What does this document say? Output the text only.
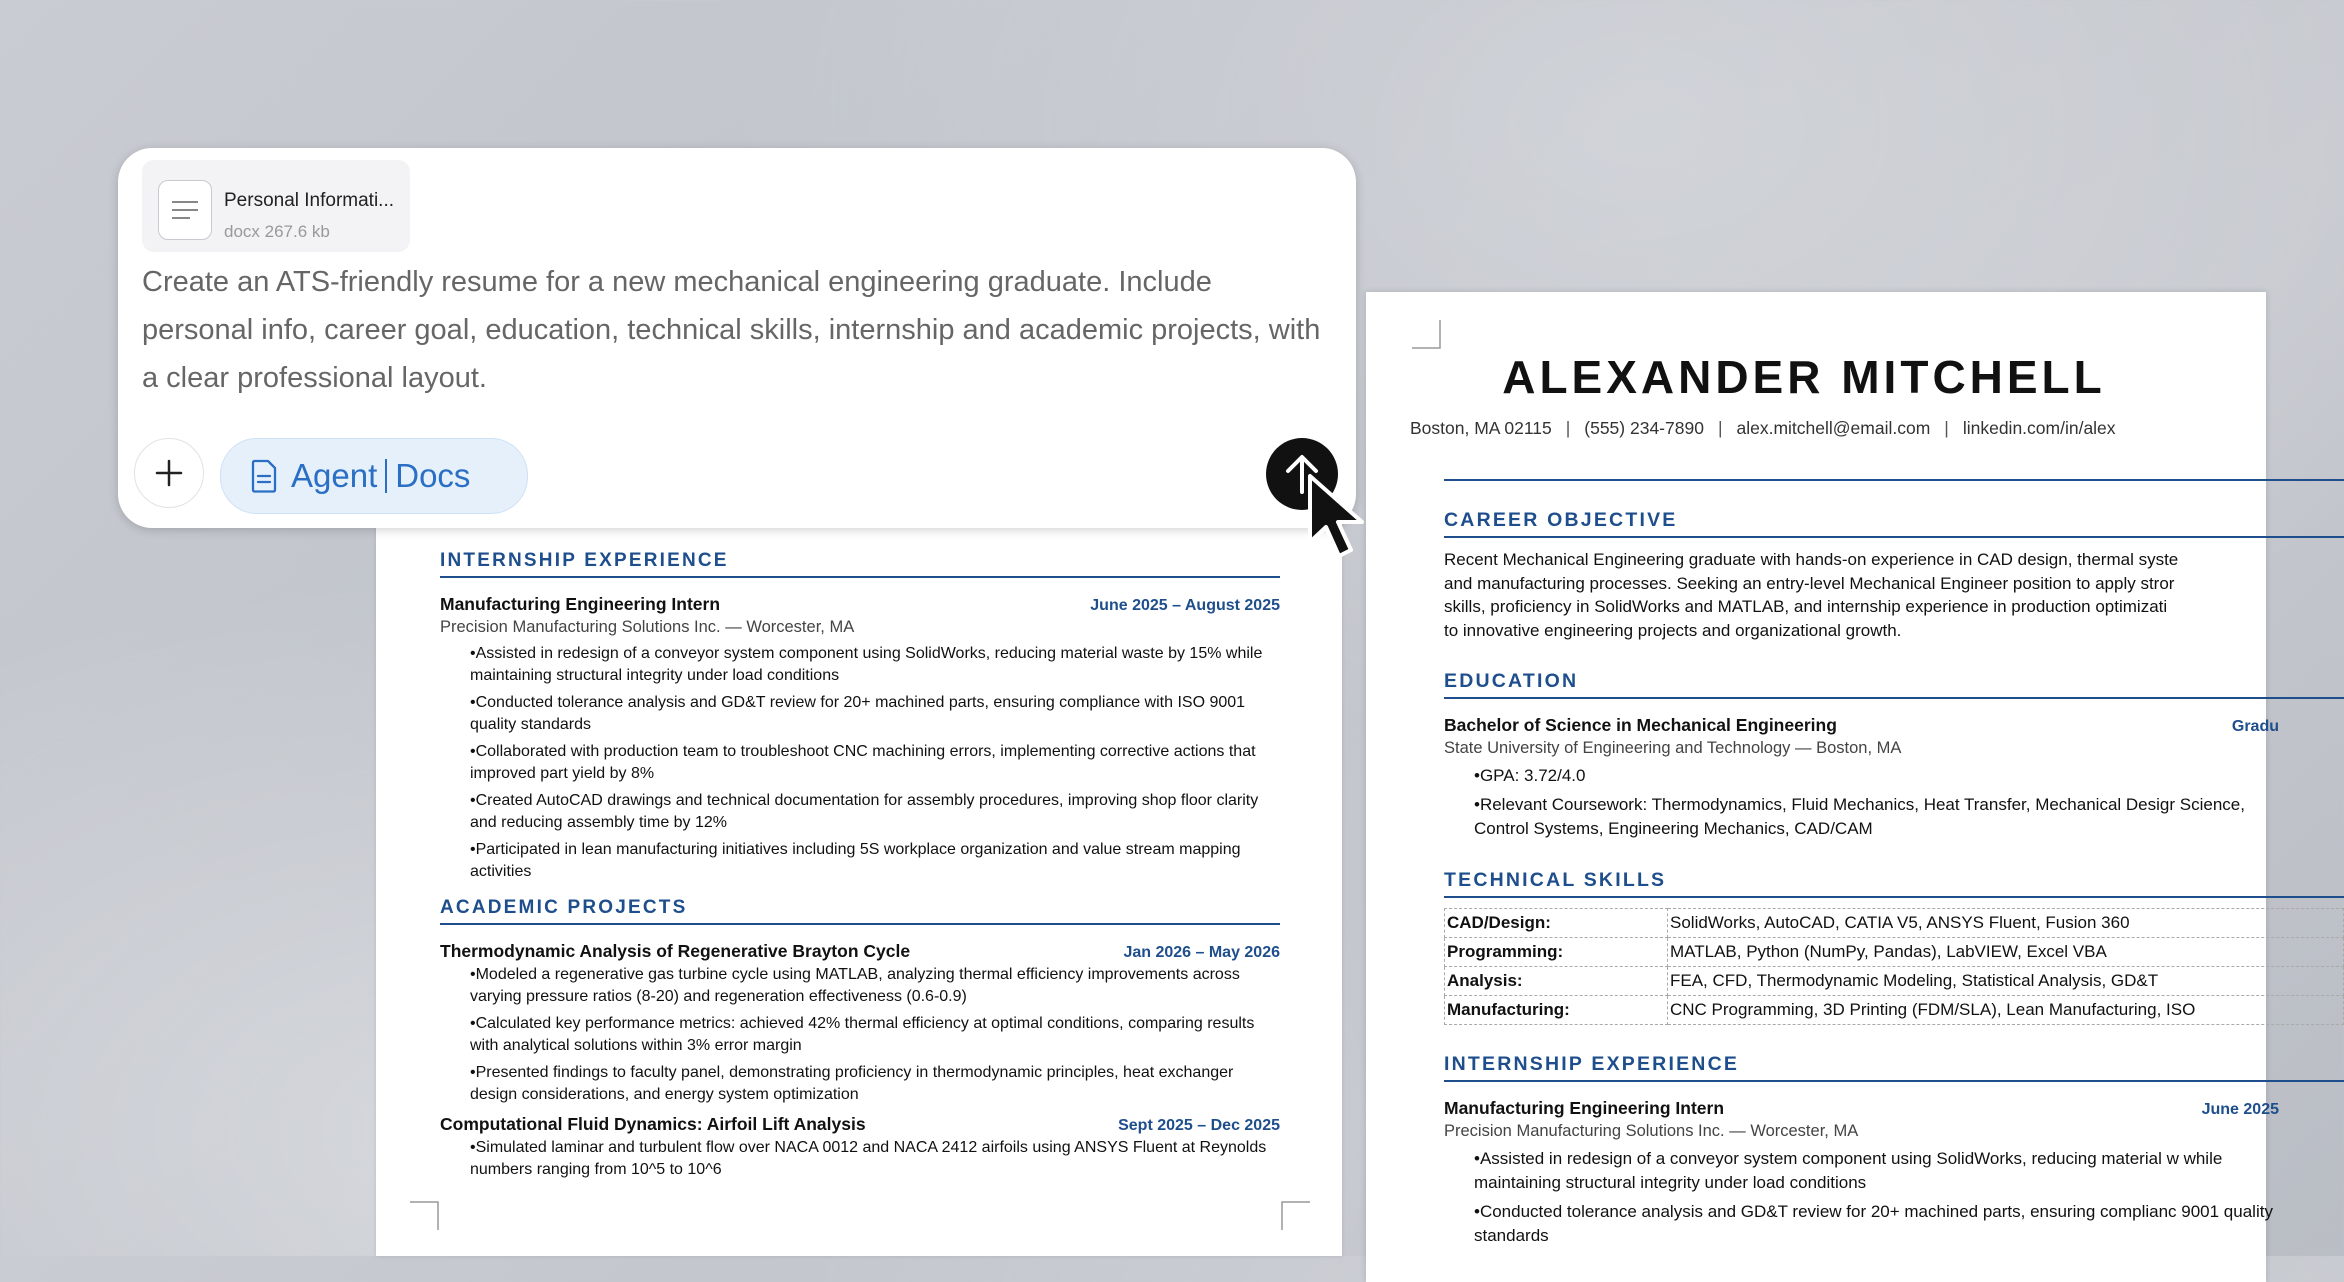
INTERNSHIP EXPERIENCE
Manufacturing Engineering Intern	June 2025 – August 2025
Precision Manufacturing Solutions Inc. — Worcester, MA
•Assisted in redesign of a conveyor system component using SolidWorks, reducing material waste by 15% while maintaining structural integrity under load conditions
•Conducted tolerance analysis and GD&T review for 20+ machined parts, ensuring compliance with ISO 9001 quality standards
•Collaborated with production team to troubleshoot CNC machining errors, implementing corrective actions that improved part yield by 8%
•Created AutoCAD drawings and technical documentation for assembly procedures, improving shop floor clarity and reducing assembly time by 12%
•Participated in lean manufacturing initiatives including 5S workplace organization and value stream mapping activities
ACADEMIC PROJECTS
Thermodynamic Analysis of Regenerative Brayton Cycle	Jan 2026 – May 2026
•Modeled a regenerative gas turbine cycle using MATLAB, analyzing thermal efficiency improvements across varying pressure ratios (8-20) and regeneration effectiveness (0.6-0.9)
•Calculated key performance metrics: achieved 42% thermal efficiency at optimal conditions, comparing results with analytical solutions within 3% error margin
•Presented findings to faculty panel, demonstrating proficiency in thermodynamic principles, heat exchanger design considerations, and energy system optimization
Computational Fluid Dynamics: Airfoil Lift Analysis	Sept 2025 – Dec 2025
•Simulated laminar and turbulent flow over NACA 0012 and NACA 2412 airfoils using ANSYS Fluent at Reynolds numbers ranging from 10^5 to 10^6
ALEXANDER MITCHELL
Boston, MA 02115 | (555) 234-7890 | alex.mitchell@email.com | linkedin.com/in/alex
CAREER OBJECTIVE
Recent Mechanical Engineering graduate with hands-on experience in CAD design, thermal syste
and manufacturing processes. Seeking an entry-level Mechanical Engineer position to apply stror
skills, proficiency in SolidWorks and MATLAB, and internship experience in production optimizati
to innovative engineering projects and organizational growth.
EDUCATION
Bachelor of Science in Mechanical Engineering	Gradu
State University of Engineering and Technology — Boston, MA
•GPA: 3.72/4.0
•Relevant Coursework: Thermodynamics, Fluid Mechanics, Heat Transfer, Mechanical Desigr Science, Control Systems, Engineering Mechanics, CAD/CAM
TECHNICAL SKILLS
CAD/Design:	SolidWorks, AutoCAD, CATIA V5, ANSYS Fluent, Fusion 360
Programming:	MATLAB, Python (NumPy, Pandas), LabVIEW, Excel VBA
Analysis:	FEA, CFD, Thermodynamic Modeling, Statistical Analysis, GD&T
Manufacturing:	CNC Programming, 3D Printing (FDM/SLA), Lean Manufacturing, ISO
INTERNSHIP EXPERIENCE
Manufacturing Engineering Intern	June 2025
Precision Manufacturing Solutions Inc. — Worcester, MA
•Assisted in redesign of a conveyor system component using SolidWorks, reducing material w while maintaining structural integrity under load conditions
•Conducted tolerance analysis and GD&T review for 20+ machined parts, ensuring complianc 9001 quality standards
Personal Informati...
docx 267.6 kb
Create an ATS-friendly resume for a new mechanical engineering graduate. Include personal info, career goal, education, technical skills, internship and academic projects, with a clear professional layout.
Agent Docs
